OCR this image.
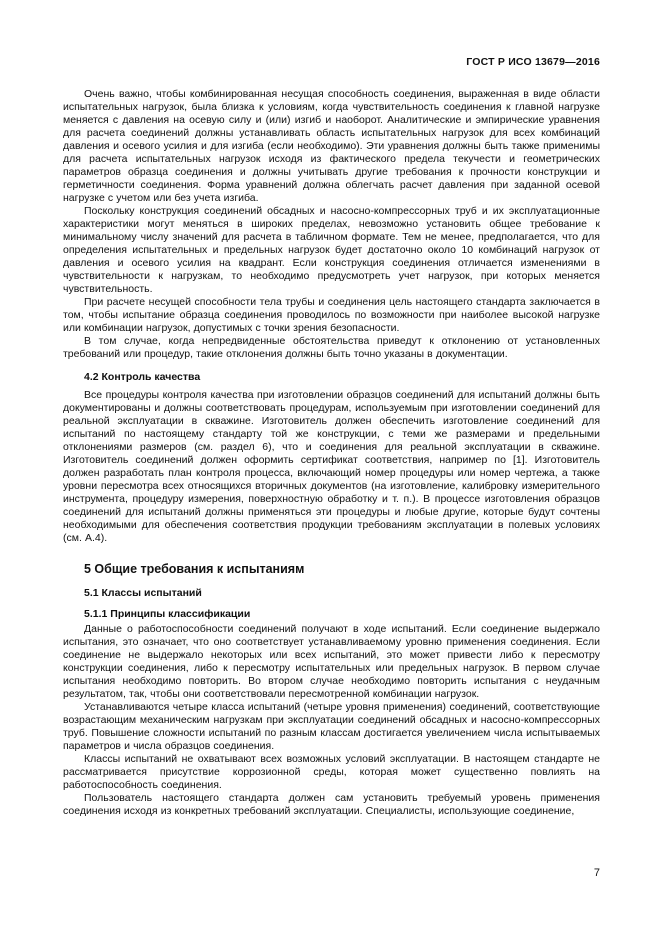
ГОСТ Р ИСО 13679—2016

Очень важно, чтобы комбинированная несущая способность соединения, выраженная в виде области испытательных нагрузок, была близка к условиям, когда чувствительность соединения к главной нагрузке меняется с давления на осевую силу и (или) изгиб и наоборот. Аналитические и эмпирические уравнения для расчета соединений должны устанавливать область испытательных нагрузок для всех комбинаций давления и осевого усилия и для изгиба (если необходимо). Эти уравнения должны быть также применимы для расчета испытательных нагрузок исходя из фактического предела текучести и геометрических параметров образца соединения и должны учитывать другие требования к прочности конструкции и герметичности соединения. Форма уравнений должна облегчать расчет давления при заданной осевой нагрузке с учетом или без учета изгиба.

Поскольку конструкция соединений обсадных и насосно-компрессорных труб и их эксплуатационные характеристики могут меняться в широких пределах, невозможно установить общее требование к минимальному числу значений для расчета в табличном формате. Тем не менее, предполагается, что для определения испытательных и предельных нагрузок будет достаточно около 10 комбинаций нагрузок от давления и осевого усилия на квадрант. Если конструкция соединения отличается изменениями в чувствительности к нагрузкам, то необходимо предусмотреть учет нагрузок, при которых меняется чувствительность.

При расчете несущей способности тела трубы и соединения цель настоящего стандарта заключается в том, чтобы испытание образца соединения проводилось по возможности при наиболее высокой нагрузке или комбинации нагрузок, допустимых с точки зрения безопасности.

В том случае, когда непредвиденные обстоятельства приведут к отклонению от установленных требований или процедур, такие отклонения должны быть точно указаны в документации.

4.2 Контроль качества

Все процедуры контроля качества при изготовлении образцов соединений для испытаний должны быть документированы и должны соответствовать процедурам, используемым при изготовлении соединений для реальной эксплуатации в скважине. Изготовитель должен обеспечить изготовление соединений для испытаний по настоящему стандарту той же конструкции, с теми же размерами и предельными отклонениями размеров (см. раздел 6), что и соединения для реальной эксплуатации в скважине. Изготовитель соединений должен оформить сертификат соответствия, например по [1]. Изготовитель должен разработать план контроля процесса, включающий номер процедуры или номер чертежа, а также уровни пересмотра всех относящихся вторичных документов (на изготовление, калибровку измерительного инструмента, процедуру измерения, поверхностную обработку и т. п.). В процессе изготовления образцов соединений для испытаний должны применяться эти процедуры и любые другие, которые будут сочтены необходимыми для обеспечения соответствия продукции требованиям эксплуатации в полевых условиях (см. А.4).

5 Общие требования к испытаниям

5.1 Классы испытаний

5.1.1 Принципы классификации

Данные о работоспособности соединений получают в ходе испытаний. Если соединение выдержало испытания, это означает, что оно соответствует устанавливаемому уровню применения соединения. Если соединение не выдержало некоторых или всех испытаний, это может привести либо к пересмотру конструкции соединения, либо к пересмотру испытательных или предельных нагрузок. В первом случае испытания необходимо повторить. Во втором случае необходимо повторить испытания с неудачным результатом, так, чтобы они соответствовали пересмотренной комбинации нагрузок.

Устанавливаются четыре класса испытаний (четыре уровня применения) соединений, соответствующие возрастающим механическим нагрузкам при эксплуатации соединений обсадных и насосно-компрессорных труб. Повышение сложности испытаний по разным классам достигается увеличением числа испытываемых параметров и числа образцов соединения.

Классы испытаний не охватывают всех возможных условий эксплуатации. В настоящем стандарте не рассматривается присутствие коррозионной среды, которая может существенно повлиять на работоспособность соединения.

Пользователь настоящего стандарта должен сам установить требуемый уровень применения соединения исходя из конкретных требований эксплуатации. Специалисты, использующие соединение,

7
